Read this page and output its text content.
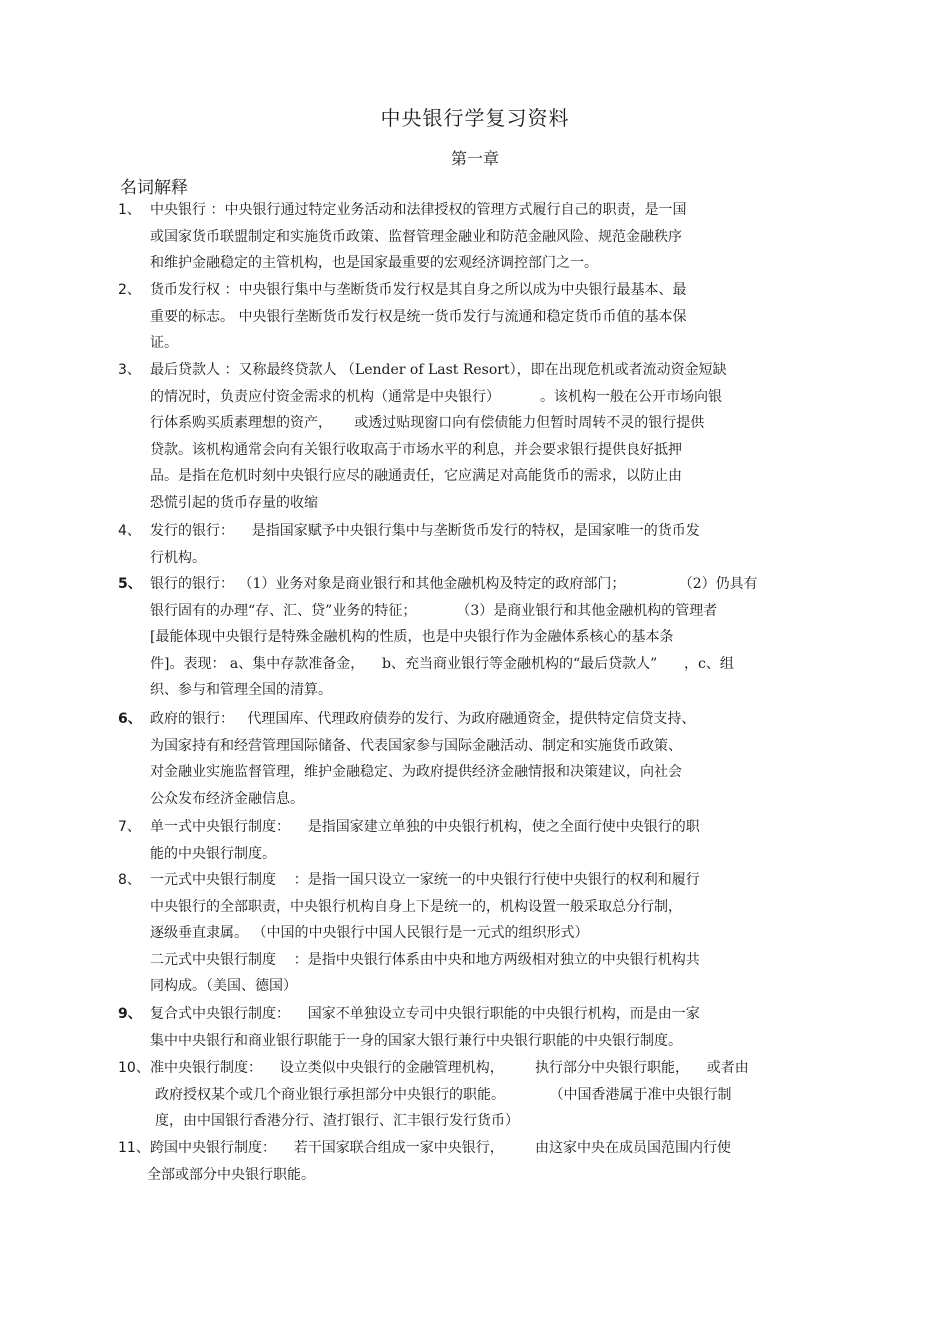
中央银行学复习资料
第一章
名词解释
1、 中央银行 ：中央银行通过特定业务活动和法律授权的管理方式履行自己的职责，是一国
或国家货币联盟制定和实施货币政策、监督管理金融业和防范金融风险、规范金融秩序
和维护金融稳定的主管机构，也是国家最重要的宏观经济调控部门之一。
2、 货币发行权 ：中央银行集中与垄断货币发行权是其自身之所以成为中央银行最基本、最
重要的标志。 中央银行垄断货币发行权是统一货币发行与流通和稳定货币币值的基本保
证。
3、 最后贷款人 ：又称最终贷款人 （Lender of Last Resort），即在出现危机或者流动资金短缺
的情况时，负责应付资金需求的机构（通常是中央银行）         。该机构一般在公开市场向银
行体系购买质素理想的资产，     或透过贴现窗口向有偿债能力但暂时周转不灵的银行提供
贷款。该机构通常会向有关银行收取高于市场水平的利息，并会要求银行提供良好抵押
品。是指在危机时刻中央银行应尽的融通责任，它应满足对高能货币的需求，以防止由
恐慌引起的货币存量的收缩
4、 发行的银行：    是指国家赋予中央银行集中与垄断货币发行的特权，是国家唯一的货币发
行机构。
5、 银行的银行： （1）业务对象是商业银行和其他金融机构及特定的政府部门；            （2）仍具有
银行固有的办理“存、汇、贷”业务的特征；         （3）是商业银行和其他金融机构的管理者
[最能体现中央银行是特殊金融机构的性质，也是中央银行作为金融体系核心的基本条
件]。表现： a、集中存款准备金，    b、充当商业银行等金融机构的“最后贷款人”      ，c、组
织、参与和管理全国的清算。
6、 政府的银行：   代理国库、代理政府债券的发行、为政府融通资金，提供特定信贷支持、
为国家持有和经营管理国际储备、代表国家参与国际金融活动、制定和实施货币政策、
对金融业实施监督管理，维护金融稳定、为政府提供经济金融情报和决策建议，向社会
公众发布经济金融信息。
7、 单一式中央银行制度：    是指国家建立单独的中央银行机构，使之全面行使中央银行的职
能的中央银行制度。
8、 一元式中央银行制度    ：是指一国只设立一家统一的中央银行行使中央银行的权利和履行
中央银行的全部职责，中央银行机构自身上下是统一的，机构设置一般采取总分行制，
逐级垂直隶属。 （中国的中央银行中国人民银行是一元式的组织形式）
二元式中央银行制度    ：是指中央银行体系由中央和地方两级相对独立的中央银行机构共
同构成。（美国、德国）
9、 复合式中央银行制度：    国家不单独设立专司中央银行职能的中央银行机构，而是由一家
集中中央银行和商业银行职能于一身的国家大银行兼行中央银行职能的中央银行制度。
10、 准中央银行制度：    设立类似中央银行的金融管理机构，       执行部分中央银行职能，    或者由
政府授权某个或几个商业银行承担部分中央银行的职能。          （中国香港属于准中央银行制
度，由中国银行香港分行、渣打银行、汇丰银行发行货币）
11、 跨国中央银行制度：    若干国家联合组成一家中央银行，       由这家中央在成员国范围内行使
全部或部分中央银行职能。
